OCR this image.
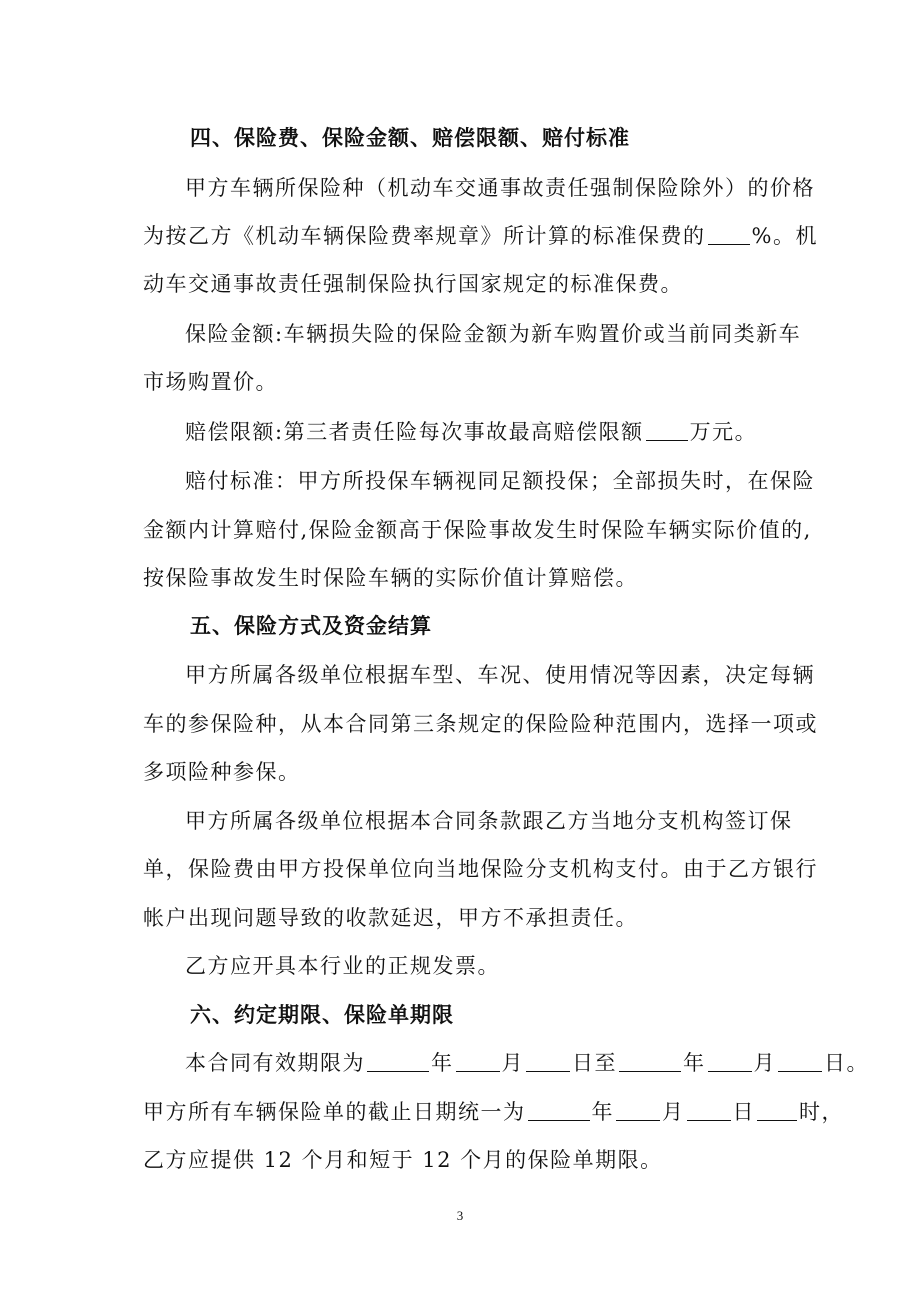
四、保险费、保险金额、赔偿限额、赔付标准
甲方车辆所保险种（机动车交通事故责任强制保险除外）的价格
为按乙方《机动车辆保险费率规章》所计算的标准保费的 %。机
动车交通事故责任强制保险执行国家规定的标准保费。
保险金额:车辆损失险的保险金额为新车购置价或当前同类新车
市场购置价。
赔偿限额:第三者责任险每次事故最高赔偿限额 万元。
赔付标准：甲方所投保车辆视同足额投保；全部损失时，在保险
金额内计算赔付,保险金额高于保险事故发生时保险车辆实际价值的,
按保险事故发生时保险车辆的实际价值计算赔偿。
五、保险方式及资金结算
甲方所属各级单位根据车型、车况、使用情况等因素，决定每辆
车的参保险种，从本合同第三条规定的保险险种范围内，选择一项或
多项险种参保。
甲方所属各级单位根据本合同条款跟乙方当地分支机构签订保
单，保险费由甲方投保单位向当地保险分支机构支付。由于乙方银行
帐户出现问题导致的收款延迟，甲方不承担责任。
乙方应开具本行业的正规发票。
六、约定期限、保险单期限
本合同有效期限为	年 月 日至	年 月 日。
甲方所有车辆保险单的截止日期统一为	年 月 日 时，
乙方应提供 12 个月和短于 12 个月的保险单期限。
3
